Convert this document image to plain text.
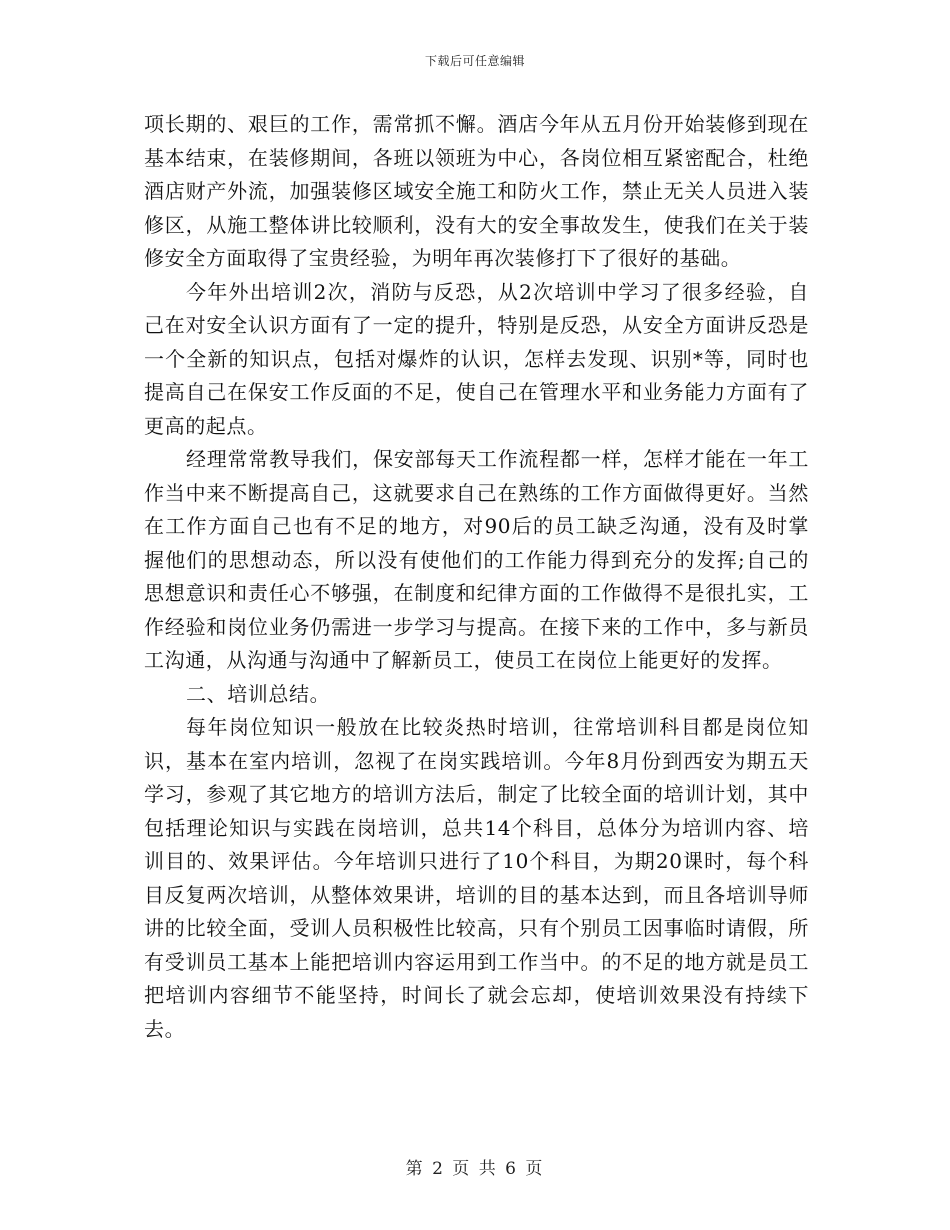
下载后可任意编辑

项长期的、艰巨的工作，需常抓不懈。酒店今年从五月份开始装修到现在基本结束，在装修期间，各班以领班为中心，各岗位相互紧密配合，杜绝酒店财产外流，加强装修区域安全施工和防火工作，禁止无关人员进入装修区，从施工整体讲比较顺利，没有大的安全事故发生，使我们在关于装修安全方面取得了宝贵经验，为明年再次装修打下了很好的基础。

今年外出培训2次，消防与反恐，从2次培训中学习了很多经验，自己在对安全认识方面有了一定的提升，特别是反恐，从安全方面讲反恐是一个全新的知识点，包括对爆炸的认识，怎样去发现、识别*等，同时也提高自己在保安工作反面的不足，使自己在管理水平和业务能力方面有了更高的起点。

经理常常教导我们，保安部每天工作流程都一样，怎样才能在一年工作当中来不断提高自己，这就要求自己在熟练的工作方面做得更好。当然在工作方面自己也有不足的地方，对90后的员工缺乏沟通，没有及时掌握他们的思想动态，所以没有使他们的工作能力得到充分的发挥;自己的思想意识和责任心不够强，在制度和纪律方面的工作做得不是很扎实，工作经验和岗位业务仍需进一步学习与提高。在接下来的工作中，多与新员工沟通，从沟通与沟通中了解新员工，使员工在岗位上能更好的发挥。

二、培训总结。

每年岗位知识一般放在比较炎热时培训，往常培训科目都是岗位知识，基本在室内培训，忽视了在岗实践培训。今年8月份到西安为期五天学习，参观了其它地方的培训方法后，制定了比较全面的培训计划，其中包括理论知识与实践在岗培训，总共14个科目，总体分为培训内容、培训目的、效果评估。今年培训只进行了10个科目，为期20课时，每个科目反复两次培训，从整体效果讲，培训的目的基本达到，而且各培训导师讲的比较全面，受训人员积极性比较高，只有个别员工因事临时请假，所有受训员工基本上能把培训内容运用到工作当中。的不足的地方就是员工把培训内容细节不能坚持，时间长了就会忘却，使培训效果没有持续下去。

第 2 页 共 6 页
